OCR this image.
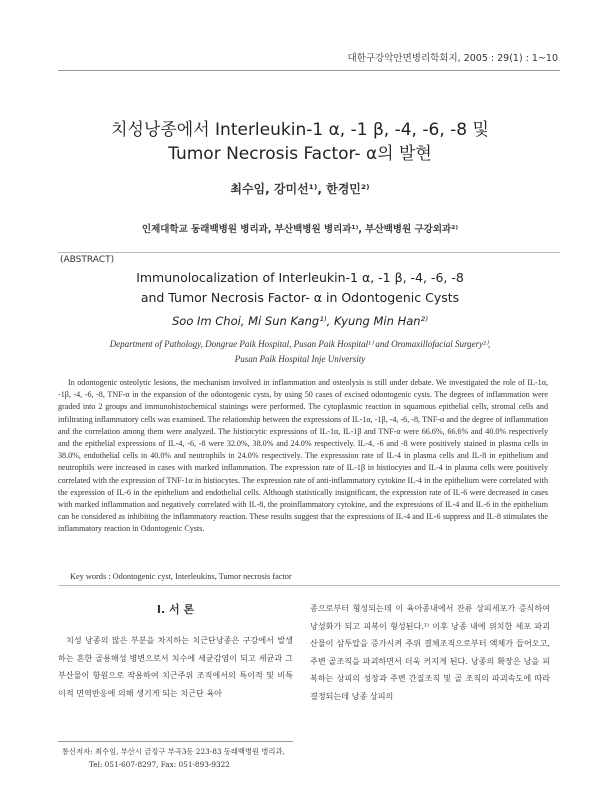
대한구강악안면병리학회지, 2005 : 29(1) : 1~10
치성낭종에서 Interleukin-1 α, -1 β, -4, -6, -8 및
Tumor Necrosis Factor- α의 발현
최수임, 강미선¹⁾, 한경민²⁾
인제대학교 동래백병원 병리과, 부산백병원 병리과¹⁾, 부산백병원 구강외과²⁾
(ABSTRACT)
Immunolocalization of Interleukin-1 α, -1 β, -4, -6, -8
and Tumor Necrosis Factor- α in Odontogenic Cysts
Soo Im Choi, Mi Sun Kang¹⁾, Kyung Min Han²⁾
Department of Pathology, Dongrae Paik Hospital, Pusan Paik Hospital¹⁾ and Oromaxillofacial Surgery²⁾,
Pusan Paik Hospital Inje University
In odontogenic osteolytic lesions, the mechanism involved in inflammation and osteolysis is still under debate. We investigated the role of IL-1α, -1β, -4, -6, -8, TNF-α in the expansion of the odontogenic cysts, by using 50 cases of excised odontogenic cysts. The degrees of inflammation were graded into 2 groups and immunohistochemical stainings were performed. The cytoplasmic reaction in squamous epithelial cells, stromal cells and infiltrating inflammatory cells was examined. The relationship between the expressions of IL-1α, -1β, -4, -6, -8, TNF-α and the degree of inflammation and the correlation among them were analyzed. The histiocytic expressions of IL-1α, IL-1β and TNF-α were 66.6%, 66.6% and 40.0% respectively and the epithelial expressions of IL-4, -6, -8 were 32.0%, 38.0% and 24.0% respectively. IL-4, -6 and -8 were positively stained in plasma cells in 38.0%, endothelial cells in 40.0% and neutrophils in 24.0% respectively. The expresssion rate of IL-4 in plasma cells and IL-8 in epithelium and neutrophils were increased in cases with marked inflammation. The expression rate of IL-1β in histiocytes and IL-4 in plasma cells were positively correlated with the expression of TNF-1α in histiocytes. The expression rate of anti-inflammatory cytokine IL-4 in the epithelium were correlated with the expression of IL-6 in the epithelium and endothelial cells. Although statistically insignificant, the expression rate of IL-6 were decreased in cases with marked inflammation and negatively correlated with IL-8, the proinflammatory cytokine, and the expressions of IL-4 and IL-6 in the epithelium can be considered as inhibiting the inflammatory reaction. These results suggest that the expressions of IL-4 and IL-6 suppress and IL-8 stimulates the inflammatory reaction in Odontogenic Cysts.
Key words : Odontogenic cyst, Interleukins, Tumor necrosis factor
I. 서 론
치성 낭종의 많은 부분을 차지하는 치근단낭종은 구강에서 발생하는 흔한 골용해성 병변으로서 치수에 세균감염이 되고 세균과 그 부산물이 항원으로 작용하여 치근주위 조직에서의 특이적 및 비특이적 면역반응에 의해 생기게 되는 치근단 육아
종으로부터 형성되는데 이 육아종내에서 잔류 상피세포가 증식하여 낭성화가 되고 피복이 형성된다.¹⁾ 이후 낭종 내에 위치한 세포 파괴산물이 삼투압을 증가시켜 주위 결체조직으로부터 액체가 들어오고, 주변 골조직을 파괴하면서 더욱 커지게 된다. 낭종의 확장은 낭을 피복하는 상피의 성장과 주변 간질조직 및 골 조직의 파괴속도에 따라 결정되는데 낭종 상피의
통신저자: 최수임, 부산시 금정구 부곡3동 223-83 동래백병원 병리과,
Tel: 051-607-8297, Fax: 051-893-9322
